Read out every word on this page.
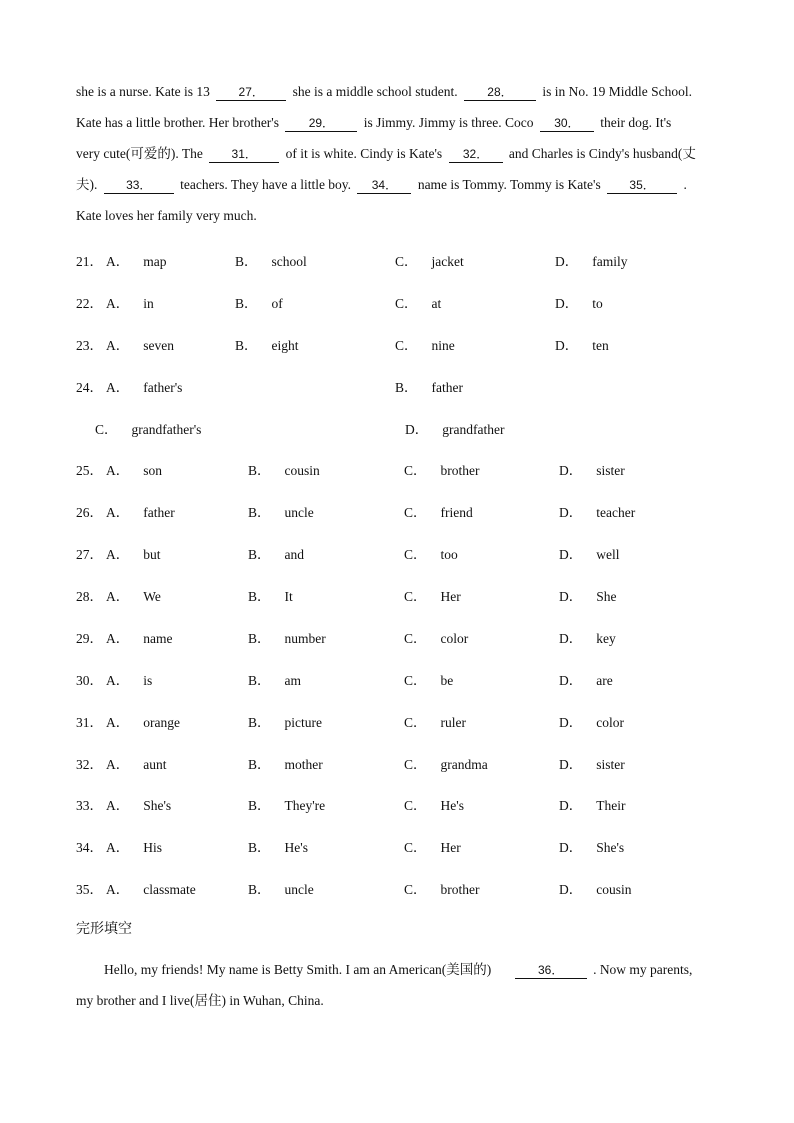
she is a nurse. Kate is 13 27． she is a middle school student. 28． is in No. 19 Middle School. Kate has a little brother. Her brother's 29． is Jimmy. Jimmy is three. Coco 30． their dog. It's very cute(可爱的). The 31． of it is white. Cindy is Kate's 32． and Charles is Cindy's husband(丈夫). 33． teachers. They have a little boy. 34． name is Tommy. Tommy is Kate's 35． . Kate loves her family very much.
21． A． map	B． school	C． jacket	D． family
22． A． in	B． of	C． at	D． to
23． A． seven	B． eight	C． nine	D． ten
24． A． father's	B． father
C． grandfather's	D． grandfather
25． A． son	B． cousin	C． brother	D． sister
26． A． father	B． uncle	C． friend	D． teacher
27． A． but	B． and	C． too	D． well
28． A． We	B． It	C． Her	D． She
29． A． name	B． number	C． color	D． key
30． A． is	B． am	C． be	D． are
31． A． orange	B． picture	C． ruler	D． color
32． A． aunt	B． mother	C． grandma	D． sister
33． A． She's	B． They're	C． He's	D． Their
34． A． His	B． He's	C． Her	D． She's
35． A． classmate	B． uncle	C． brother	D． cousin
完形填空
Hello, my friends! My name is Betty Smith. I am an American(美国的)	36． . Now my parents, my brother and I live(居住) in Wuhan, China.
